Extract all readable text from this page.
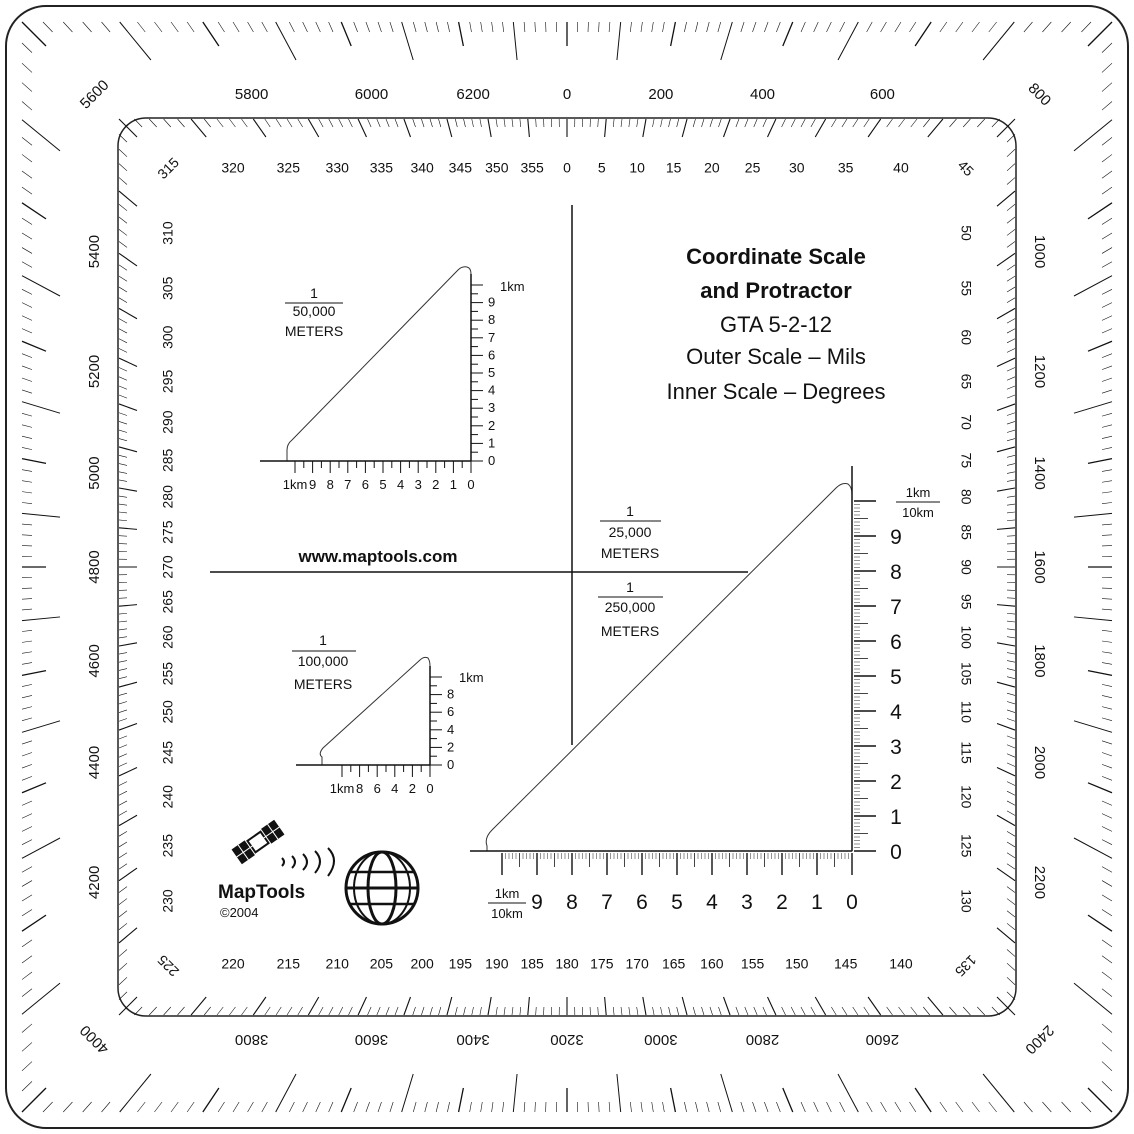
0	200	400	600	800
1000
1200
1400
1600
1800
2000
2200
2400
2600
2800
3000
3200
3400
3600
3800
4000
4200
4400
4600
4800
5000
5200
5400
5600	5800	6000	6200
0 5 10 15 20 25 30 35	40	45
50
55
60
65
70
75
80
85
90
95
100
105
110
115
120
125
130
135
140
145
150
155
160
165
170
175
180
185
190
195
200
205
210
215
220
225
230
235
240
245
250
255
260
265
270
275
280
285
290
295
300
305
310
315	320 325 330 335 340 345 350 355
Coordinate Scale
and Protractor
GTA 5-2-12
Outer Scale – Mils
Inner Scale – Degrees
www.maptools.com
1
50,000
METERS
9
8
7
6
5
4
3
2
1
0
1km 9 8 7 6 5 4 3 2 1 0
1km
1
100,000
METERS
8
6
4
2
0
1km 8 6 4 2 0
1km
1
25,000
METERS
1
250,000
METERS
9
9
8
8
7
7
6
6
5
5
4
4
3
3
2
2
1
1
0
0
1km
10km
1km
10km
MapTools
©2004
